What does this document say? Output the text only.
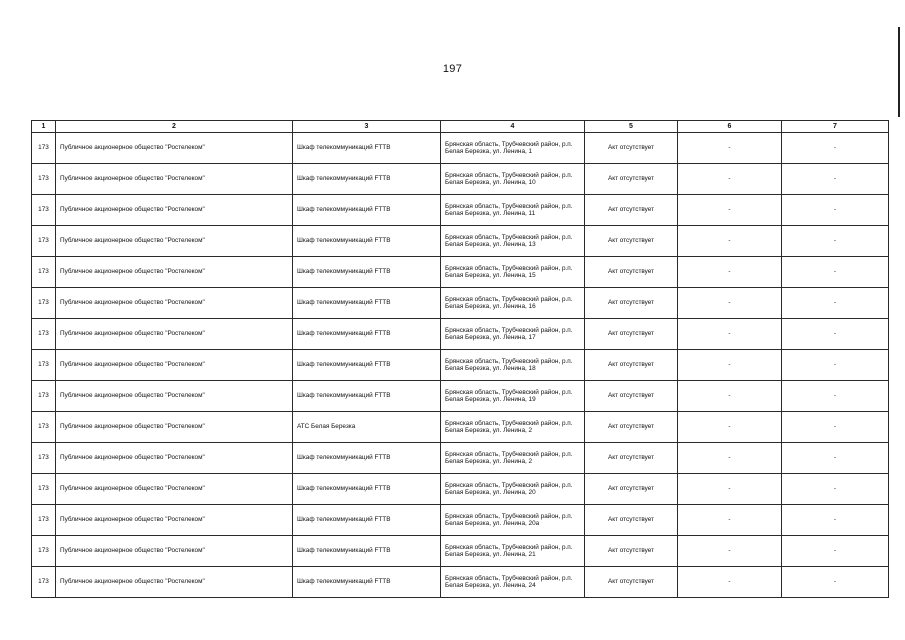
197
1	2	3	4	5	6	7
173	Публичное акционерное общество "Ростелеком"	Шкаф телекоммуникаций FTTB	Брянская область, Трубчевский район, р.п. Белая Березка, ул. Ленина, 1	Акт отсутствует	-	-
173	Публичное акционерное общество "Ростелеком"	Шкаф телекоммуникаций FTTB	Брянская область, Трубчевский район, р.п. Белая Березка, ул. Ленина, 10	Акт отсутствует	-	-
173	Публичное акционерное общество "Ростелеком"	Шкаф телекоммуникаций FTTB	Брянская область, Трубчевский район, р.п. Белая Березка, ул. Ленина, 11	Акт отсутствует	-	-
173	Публичное акционерное общество "Ростелеком"	Шкаф телекоммуникаций FTTB	Брянская область, Трубчевский район, р.п. Белая Березка, ул. Ленина, 13	Акт отсутствует	-	-
173	Публичное акционерное общество "Ростелеком"	Шкаф телекоммуникаций FTTB	Брянская область, Трубчевский район, р.п. Белая Березка, ул. Ленина, 15	Акт отсутствует	-	-
173	Публичное акционерное общество "Ростелеком"	Шкаф телекоммуникаций FTTB	Брянская область, Трубчевский район, р.п. Белая Березка, ул. Ленина, 16	Акт отсутствует	-	-
173	Публичное акционерное общество "Ростелеком"	Шкаф телекоммуникаций FTTB	Брянская область, Трубчевский район, р.п. Белая Березка, ул. Ленина, 17	Акт отсутствует	-	-
173	Публичное акционерное общество "Ростелеком"	Шкаф телекоммуникаций FTTB	Брянская область, Трубчевский район, р.п. Белая Березка, ул. Ленина, 18	Акт отсутствует	-	-
173	Публичное акционерное общество "Ростелеком"	Шкаф телекоммуникаций FTTB	Брянская область, Трубчевский район, р.п. Белая Березка, ул. Ленина, 19	Акт отсутствует	-	-
173	Публичное акционерное общество "Ростелеком"	АТС Белая Березка	Брянская область, Трубчевский район, р.п. Белая Березка, ул. Ленина, 2	Акт отсутствует	-	-
173	Публичное акционерное общество "Ростелеком"	Шкаф телекоммуникаций FTTB	Брянская область, Трубчевский район, р.п. Белая Березка, ул. Ленина, 2	Акт отсутствует	-	-
173	Публичное акционерное общество "Ростелеком"	Шкаф телекоммуникаций FTTB	Брянская область, Трубчевский район, р.п. Белая Березка, ул. Ленина, 20	Акт отсутствует	-	-
173	Публичное акционерное общество "Ростелеком"	Шкаф телекоммуникаций FTTB	Брянская область, Трубчевский район, р.п. Белая Березка, ул. Ленина, 20а	Акт отсутствует	-	-
173	Публичное акционерное общество "Ростелеком"	Шкаф телекоммуникаций FTTB	Брянская область, Трубчевский район, р.п. Белая Березка, ул. Ленина, 21	Акт отсутствует	-	-
173	Публичное акционерное общество "Ростелеком"	Шкаф телекоммуникаций FTTB	Брянская область, Трубчевский район, р.п. Белая Березка, ул. Ленина, 24	Акт отсутствует	-	-
